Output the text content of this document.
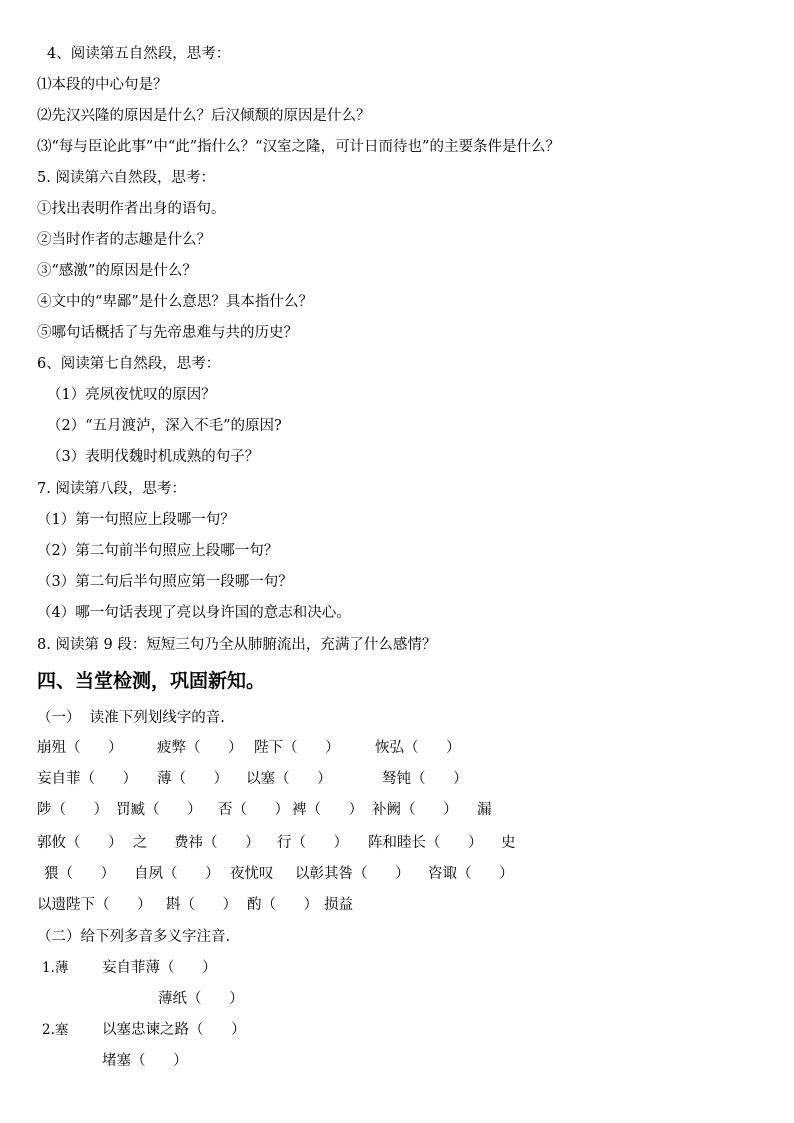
4、阅读第五自然段，思考：
⑴本段的中心句是？
⑵先汉兴隆的原因是什么？后汉倾颓的原因是什么？
⑶“每与臣论此事”中“此”指什么？“汉室之隆，可计日而待也”的主要条件是什么？
5. 阅读第六自然段，思考：
①找出表明作者出身的语句。
②当时作者的志趣是什么？
③“感激”的原因是什么？
④文中的“卑鄙”是什么意思？具本指什么？
⑤哪句话概括了与先帝患难与共的历史？
6、阅读第七自然段，思考：
（1）亮夙夜忧叹的原因？
（2）“五月渡泸，深入不毛”的原因?
（3）表明伐魏时机成熟的句子？
7. 阅读第八段，思考：
（1）第一句照应上段哪一句？
（2）第二句前半句照应上段哪一句？
（3）第二句后半句照应第一段哪一句？
（4）哪一句话表现了亮以身许国的意志和决心。
8. 阅读第 9 段：短短三句乃全从肺腑流出，充满了什么感情？
四、当堂检测，巩固新知。
（一）  读准下列划线字的音.
崩殂（      ） 疲弊（      ） 陛下（      ） 恢弘（      ）
妄自菲（      ） 薄（      ） 以塞（      ）	驽钝（      ）
陟（      ） 罚臧（      ） 否（      ） 裨（      ） 补阙（      ） 漏
郭攸（      ） 之 费祎（      ） 行（      ） 阵和睦长（      ） 史
猥（      ） 自夙（      ） 夜忧叹 以彰其咎（      ） 咨诹（      ）
以遗陛下（      ） 斟（      ） 酌（      ） 损益
（二）给下列多音多义字注音.
1.薄 妄自菲薄（      ）
薄纸（      ）
2.塞 以塞忠谏之路（      ）
堵塞（      ）
